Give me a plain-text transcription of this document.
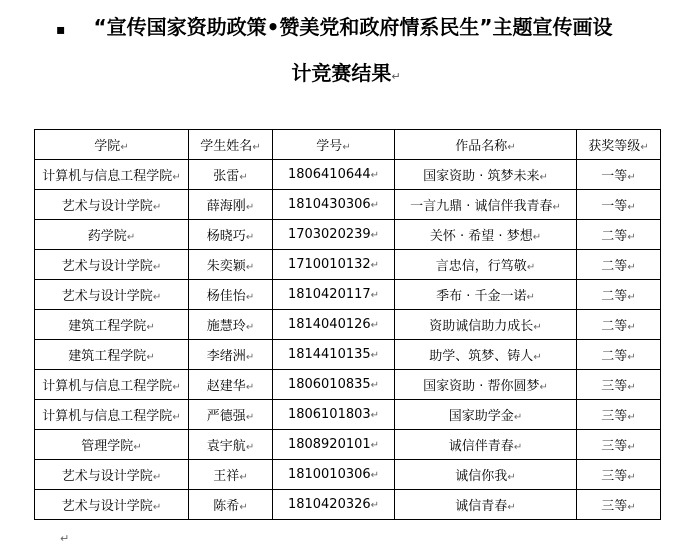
▪	“宣传国家资助政策•赞美党和政府情系民生”主题宣传画设
计竞赛结果↵
学院↵	学生姓名↵	学号↵	作品名称↵	获奖等级↵
计算机与信息工程学院↵	张雷↵	1806410644↵	国家资助 · 筑梦未来↵	一等↵
艺术与设计学院↵	薛海刚↵	1810430306↵	一言九鼎 · 诚信伴我青春↵	一等↵
药学院↵	杨晓巧↵	1703020239↵	关怀 · 希望 · 梦想↵	二等↵
艺术与设计学院↵	朱奕颖↵	1710010132↵	言忠信，行笃敬↵	二等↵
艺术与设计学院↵	杨佳怡↵	1810420117↵	季布 · 千金一诺↵	二等↵
建筑工程学院↵	施慧玲↵	1814040126↵	资助诚信助力成长↵	二等↵
建筑工程学院↵	李绪洲↵	1814410135↵	助学、筑梦、铸人↵	二等↵
计算机与信息工程学院↵	赵建华↵	1806010835↵	国家资助 · 帮你圆梦↵	三等↵
计算机与信息工程学院↵	严德强↵	1806101803↵	国家助学金↵	三等↵
管理学院↵	袁宇航↵	1808920101↵	诚信伴青春↵	三等↵
艺术与设计学院↵	王祥↵	1810010306↵	诚信你我↵	三等↵
艺术与设计学院↵	陈希↵	1810420326↵	诚信青春↵	三等↵
↵
